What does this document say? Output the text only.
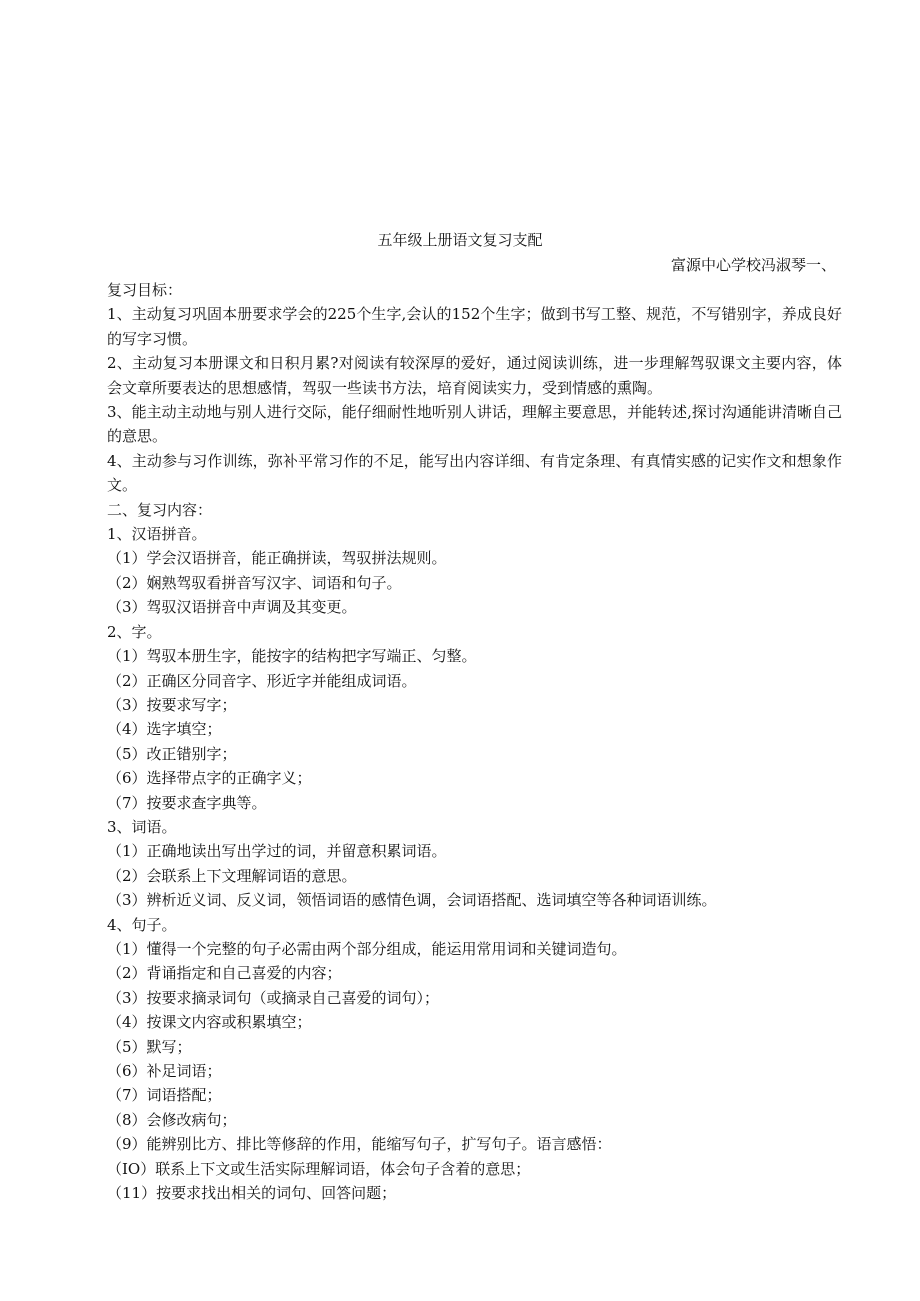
五年级上册语文复习支配
富源中心学校冯淑琴一、
复习目标：
1、主动复习巩固本册要求学会的225个生字,会认的152个生字；做到书写工整、规范，不写错别字，养成良好的写字习惯。
2、主动复习本册课文和日积月累?对阅读有较深厚的爱好，通过阅读训练，进一步理解驾驭课文主要内容，体会文章所要表达的思想感情，驾驭一些读书方法，培育阅读实力，受到情感的熏陶。
3、能主动主动地与别人进行交际，能仔细耐性地听别人讲话，理解主要意思，并能转述,探讨沟通能讲清晰自己的意思。
4、主动参与习作训练，弥补平常习作的不足，能写出内容详细、有肯定条理、有真情实感的记实作文和想象作文。
二、复习内容：
1、汉语拼音。
（1）学会汉语拼音，能正确拼读，驾驭拼法规则。
（2）娴熟驾驭看拼音写汉字、词语和句子。
（3）驾驭汉语拼音中声调及其变更。
2、字。
（1）驾驭本册生字，能按字的结构把字写端正、匀整。
（2）正确区分同音字、形近字并能组成词语。
（3）按要求写字；
（4）选字填空；
（5）改正错别字；
（6）选择带点字的正确字义；
（7）按要求查字典等。
3、词语。
（1）正确地读出写出学过的词，并留意积累词语。
（2）会联系上下文理解词语的意思。
（3）辨析近义词、反义词，领悟词语的感情色调，会词语搭配、选词填空等各种词语训练。
4、句子。
（1）懂得一个完整的句子必需由两个部分组成，能运用常用词和关键词造句。
（2）背诵指定和自己喜爱的内容；
（3）按要求摘录词句（或摘录自己喜爱的词句）；
（4）按课文内容或积累填空；
（5）默写；
（6）补足词语；
（7）词语搭配；
（8）会修改病句；
（9）能辨别比方、排比等修辞的作用，能缩写句子，扩写句子。语言感悟：
（IO）联系上下文或生活实际理解词语，体会句子含着的意思；
（11）按要求找出相关的词句、回答问题；
